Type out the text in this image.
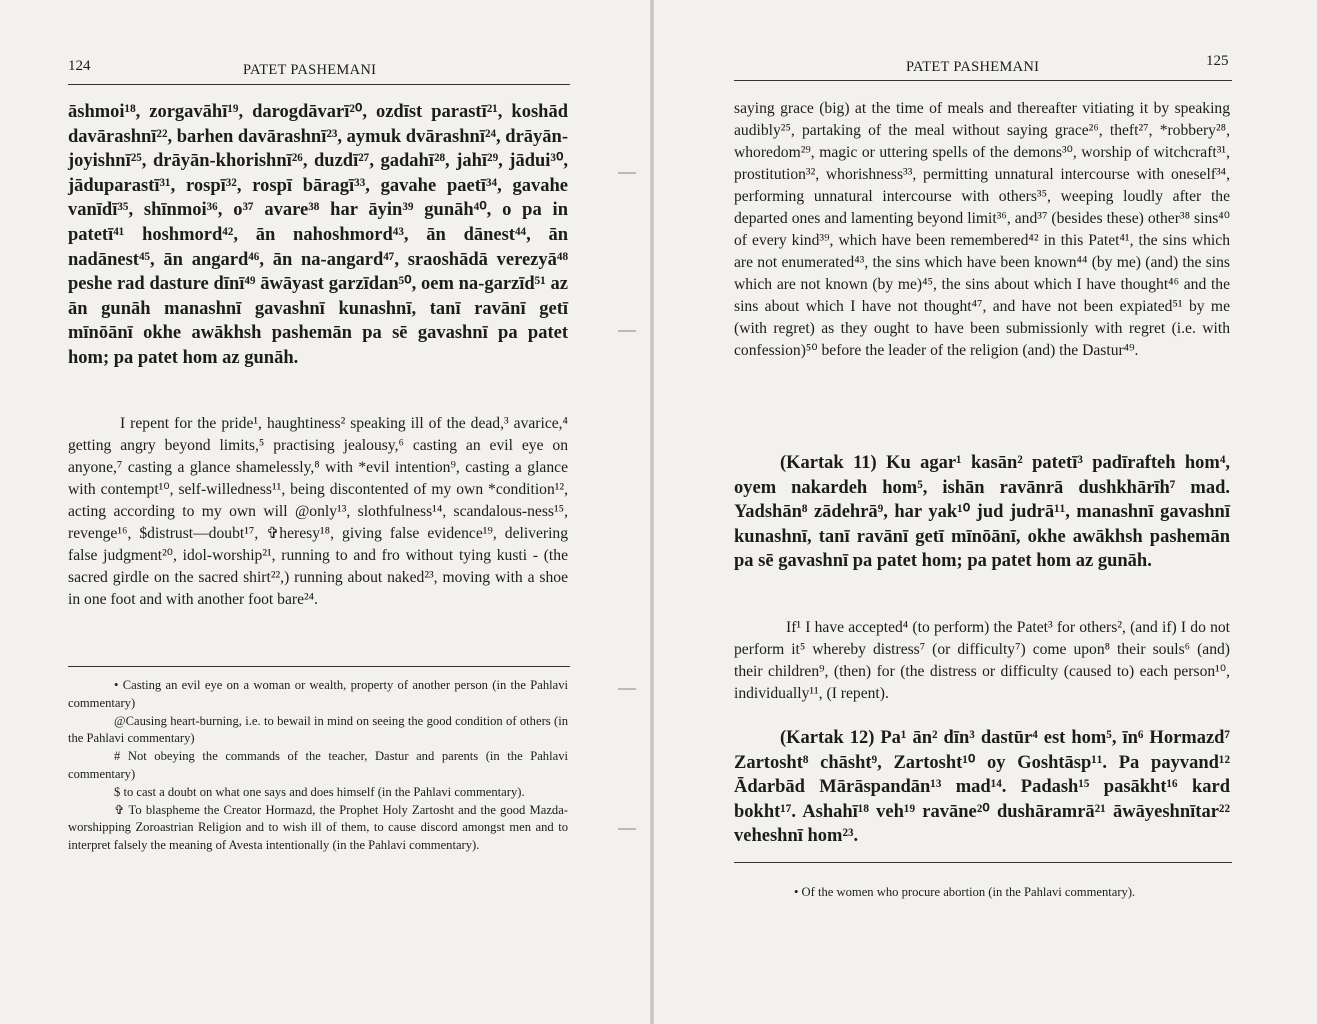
124	PATET PASHEMANI

āshmoi¹⁸, zorgavāhī¹⁹, darogdāvarī²⁰, ozdīst parastī²¹, koshād davārashnī²², barhen davārashnī²³, aymuk dvārashnī²⁴, drāyān-joyishnī²⁵, drāyān-khorishnī²⁶, duzdī²⁷, gadahī²⁸, jahī²⁹, jādui³⁰, jāduparastī³¹, rospī³², rospī bāragī³³, gavahe paetī³⁴, gavahe vanīdī³⁵, shīnmoi³⁶, o³⁷ avare³⁸ har āyin³⁹ gunāh⁴⁰, o pa in patetī⁴¹ hoshmord⁴², ān nahoshmord⁴³, ān dānest⁴⁴, ān nadānest⁴⁵, ān angard⁴⁶, ān na-angard⁴⁷, sraoshādā verezyā⁴⁸ peshe rad dasture dīnī⁴⁹ āwāyast garzīdan⁵⁰, oem na-garzīd⁵¹ az ān gunāh manashnī gavashnī kunashnī, tanī ravānī getī mīnōānī okhe awākhsh pashemān pa sē gavashnī pa patet hom; pa patet hom az gunāh.

I repent for the pride¹, haughtiness² speaking ill of the dead,³ avarice,⁴ getting angry beyond limits,⁵ practising jealousy,⁶ casting an evil eye on anyone,⁷ casting a glance shamelessly,⁸ with *evil intention⁹, casting a glance with contempt¹⁰, self-willedness¹¹, being discontented of my own *condition¹², acting according to my own will @only¹³, slothfulness¹⁴, scandalous-ness¹⁵, revenge¹⁶, $distrust—doubt¹⁷, ✞heresy¹⁸, giving false evidence¹⁹, delivering false judgment²⁰, idol-worship²¹, running to and fro without tying kusti - (the sacred girdle on the sacred shirt²²,) running about naked²³, moving with a shoe in one foot and with another foot bare²⁴.

• Casting an evil eye on a woman or wealth, property of another person (in the Pahlavi commentary)

@Causing heart-burning, i.e. to bewail in mind on seeing the good condition of others (in the Pahlavi commentary)

# Not obeying the commands of the teacher, Dastur and parents (in the Pahlavi commentary)

$ to cast a doubt on what one says and does himself (in the Pahlavi commentary).

✞ To blaspheme the Creator Hormazd, the Prophet Holy Zartosht and the good Mazda-worshipping Zoroastrian Religion and to wish ill of them, to cause discord amongst men and to interpret falsely the meaning of Avesta intentionally (in the Pahlavi commentary).

PATET PASHEMANI	125

saying grace (big) at the time of meals and thereafter vitiating it by speaking audibly²⁵, partaking of the meal without saying grace²⁶, theft²⁷, *robbery²⁸, whoredom²⁹, magic or uttering spells of the demons³⁰, worship of witchcraft³¹, prostitution³², whorishness³³, permitting unnatural intercourse with oneself³⁴, performing unnatural intercourse with others³⁵, weeping loudly after the departed ones and lamenting beyond limit³⁶, and³⁷ (besides these) other³⁸ sins⁴⁰ of every kind³⁹, which have been remembered⁴² in this Patet⁴¹, the sins which are not enumerated⁴³, the sins which have been known⁴⁴ (by me) (and) the sins which are not known (by me)⁴⁵, the sins about which I have thought⁴⁶ and the sins about which I have not thought⁴⁷, and have not been expiated⁵¹ by me (with regret) as they ought to have been submissionly with regret (i.e. with confession)⁵⁰ before the leader of the religion (and) the Dastur⁴⁹.

(Kartak 11) Ku agar¹ kasān² patetī³ padīrafteh hom⁴, oyem nakardeh hom⁵, ishān ravānrā dushkhārīh⁷ mad. Yadshān⁸ zādehrā⁹, har yak¹⁰ jud judrā¹¹, manashnī gavashnī kunashnī, tanī ravānī getī mīnōānī, okhe awākhsh pashemān pa sē gavashnī pa patet hom; pa patet hom az gunāh.

If¹ I have accepted⁴ (to perform) the Patet³ for others², (and if) I do not perform it⁵ whereby distress⁷ (or difficulty⁷) come upon⁸ their souls⁶ (and) their children⁹, (then) for (the distress or difficulty (caused to) each person¹⁰, individually¹¹, (I repent).

(Kartak 12) Pa¹ ān² dīn³ dastūr⁴ est hom⁵, īn⁶ Hormazd⁷ Zartosht⁸ chāsht⁹, Zartosht¹⁰ oy Goshtāsp¹¹. Pa payvand¹² Ādarbād Mārāspandān¹³ mad¹⁴. Padash¹⁵ pasākht¹⁶ kard bokht¹⁷. Ashahī¹⁸ veh¹⁹ ravāne²⁰ dushāramrā²¹ āwāyeshnītar²² veheshnī hom²³.

• Of the women who procure abortion (in the Pahlavi commentary).
